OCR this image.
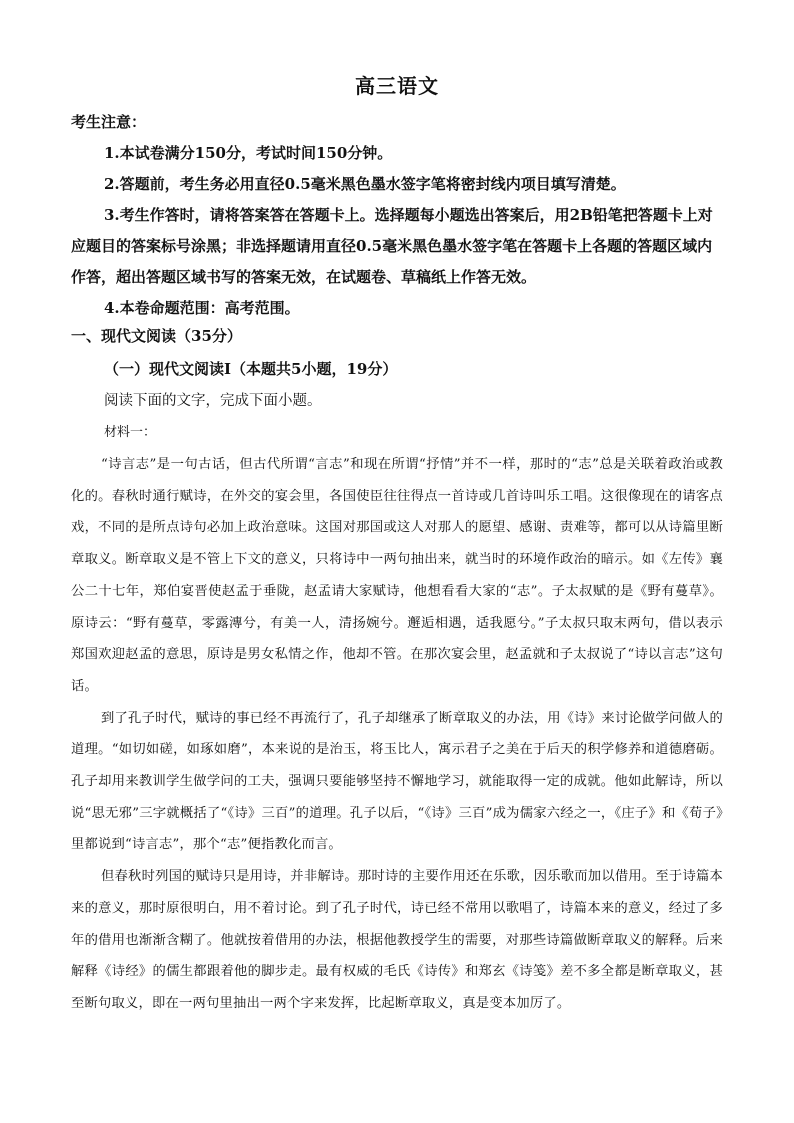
高三语文

考生注意：

1.本试卷满分150分，考试时间150分钟。

2.答题前，考生务必用直径0.5毫米黑色墨水签字笔将密封线内项目填写清楚。

3.考生作答时，请将答案答在答题卡上。选择题每小题选出答案后，用2B铅笔把答题卡上对应题目的答案标号涂黑；非选择题请用直径0.5毫米黑色墨水签字笔在答题卡上各题的答题区域内作答，超出答题区域书写的答案无效，在试题卷、草稿纸上作答无效。

4.本卷命题范围：高考范围。

一、现代文阅读（35分）
（一）现代文阅读Ⅰ（本题共5小题，19分）
阅读下面的文字，完成下面小题。
材料一：

“诗言志”是一句古话，但古代所谓“言志”和现在所谓“抒情”并不一样，那时的“志”总是关联着政治或教化的。春秋时通行赋诗，在外交的宴会里，各国使臣往往得点一首诗或几首诗叫乐工唱。这很像现在的请客点戏，不同的是所点诗句必加上政治意味。这国对那国或这人对那人的愿望、感谢、责难等，都可以从诗篇里断章取义。断章取义是不管上下文的意义，只将诗中一两句抽出来，就当时的环境作政治的暗示。如《左传》襄公二十七年，郑伯宴晋使赵孟于垂陇，赵孟请大家赋诗，他想看看大家的“志”。子太叔赋的是《野有蔓草》。原诗云：“野有蔓草，零露漙兮，有美一人，清扬婉兮。邂逅相遇，适我愿兮。”子太叔只取末两句，借以表示郑国欢迎赵孟的意思，原诗是男女私情之作，他却不管。在那次宴会里，赵孟就和子太叔说了“诗以言志”这句话。

到了孔子时代，赋诗的事已经不再流行了，孔子却继承了断章取义的办法，用《诗》来讨论做学问做人的道理。“如切如磋，如琢如磨”，本来说的是治玉，将玉比人，寓示君子之美在于后天的积学修养和道德磨砺。孔子却用来教训学生做学问的工夫，强调只要能够坚持不懈地学习，就能取得一定的成就。他如此解诗，所以说“思无邪”三字就概括了“《诗》三百”的道理。孔子以后，“《诗》三百”成为儒家六经之一，《庄子》和《荀子》里都说到“诗言志”，那个“志”便指教化而言。

但春秋时列国的赋诗只是用诗，并非解诗。那时诗的主要作用还在乐歌，因乐歌而加以借用。至于诗篇本来的意义，那时原很明白，用不着讨论。到了孔子时代，诗已经不常用以歌唱了，诗篇本来的意义，经过了多年的借用也渐渐含糊了。他就按着借用的办法，根据他教授学生的需要，对那些诗篇做断章取义的解释。后来解释《诗经》的儒生都跟着他的脚步走。最有权威的毛氏《诗传》和郑玄《诗笺》差不多全都是断章取义，甚至断句取义，即在一两句里抽出一两个字来发挥，比起断章取义，真是变本加厉了。
